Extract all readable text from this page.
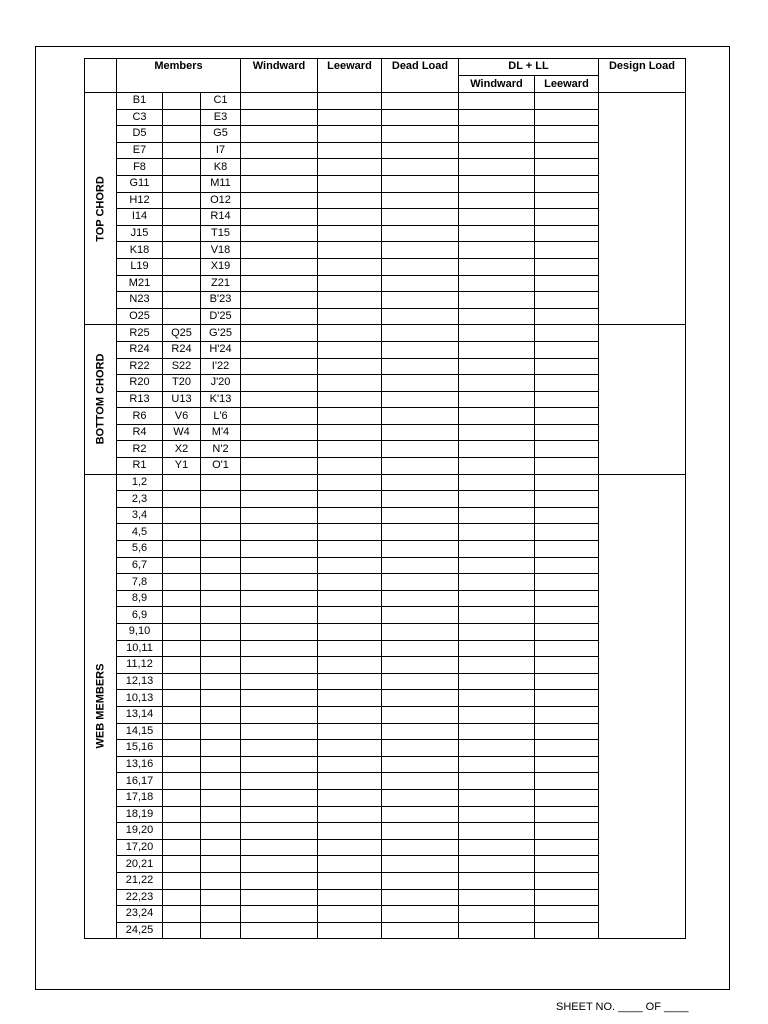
	Members			Windward	Leeward	Dead Load	DL + LL		Design Load
							Windward	Leeward	

TOP CHORD	B1		C1						
	C3		E3						
	D5		G5						
	E7		I7						
	F8		K8						
	G11		M11						
	H12		O12						
	I14		R14						
	J15		T15						
	K18		V18						
	L19		X19						
	M21		Z21						
	N23		B'23						
	O25		D'25						

BOTTOM CHORD	R25	Q25	G'25						
	R24	R24	H'24						
	R22	S22	I'22						
	R20	T20	J'20						
	R13	U13	K'13						
	R6	V6	L'6						
	R4	W4	M'4						
	R2	X2	N'2						
	R1	Y1	O'1						

WEB MEMBERS	1,2								
	2,3								
	3,4								
	4,5								
	5,6								
	6,7								
	7,8								
	8,9								
	6,9								
	9,10								
	10,11								
	11,12								
	12,13								
	10,13								
	13,14								
	14,15								
	15,16								
	13,16								
	16,17								
	17,18								
	18,19								
	19,20								
	17,20								
	20,21								
	21,22								
	22,23								
	23,24								
	24,25								
SHEET NO. ____ OF ____
